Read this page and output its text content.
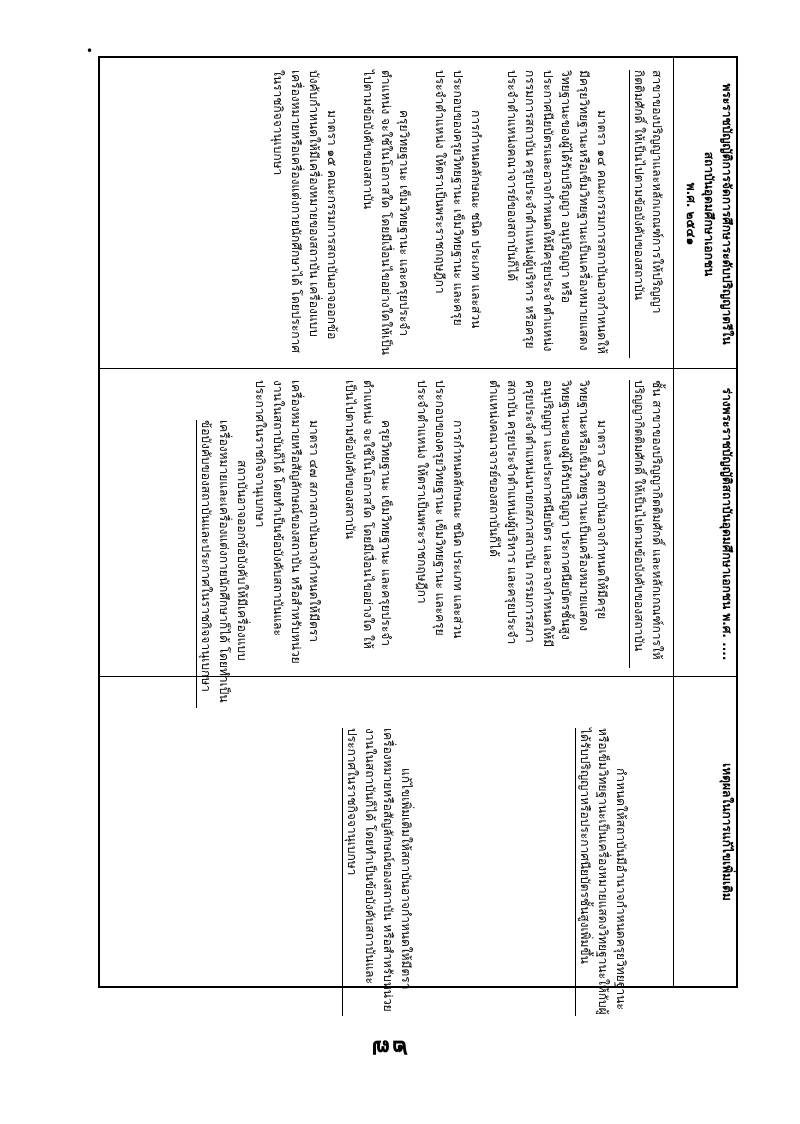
•

พระราชบัญญัติการจัดการศึกษาระดับปริญญาตรีในสถาบันอุดมศึกษาเอกชน

พ.ศ. ๒๕๔๑

สาขาของปริญญาและหลักเกณฑ์การให้ปริญญากิตติมศักดิ์ ให้เป็นไปตามข้อบังคับของสถาบัน

มาตรา ๑๔ คณะกรรมการสถาบันอาจกำหนดให้มีครุยวิทยฐานะหรือเข็มวิทยฐานะเป็นเครื่องหมายแสดงวิทยฐานะของผู้ได้รับปริญญา อนุปริญญา หรือประกาศนียบัตรและอาจกำหนดให้มีครุยประจำตำแหน่งกรรมการสถาบัน ครุยประจำตำแหน่งผู้บริหาร หรือครุยประจำตำแหน่งคณาจารย์ของสถาบันก็ได้

การกำหนดลักษณะ ชนิด ประเภท และส่วนประกอบของครุยวิทยฐานะ เข็มวิทยฐานะ และครุยประจำตำแหน่ง ให้ตราเป็นพระราชกฤษฎีกา

ครุยวิทยฐานะ เข็มวิทยฐานะ และครุยประจำตำแหน่ง จะใช้ในโอกาสใด โดยมีเงื่อนไขอย่างใดให้เป็นไปตามข้อบังคับของสถาบัน

มาตรา ๑๕ คณะกรรมการสถาบันอาจออกข้อบังคับกำหนดให้มีเครื่องหมายของสถาบัน เครื่องแบบ เครื่องหมายหรือเครื่องแต่งกายนักศึกษาได้ โดยประกาศในราชกิจจานุเบกษา

ร่างพระราชบัญญัติสถาบันอุดมศึกษาเอกชน พ.ศ. ....

ชั้น สาขาของปริญญากิตติมศักดิ์ และหลักเกณฑ์การให้ปริญญากิตติมศักดิ์ ให้เป็นไปตามข้อบังคับของสถาบัน

มาตรา ๔๖ สถาบันอาจกำหนดให้มีครุยวิทยฐานะหรือเข็มวิทยฐานะเป็นเครื่องหมายแสดงวิทยฐานะของผู้ได้รับปริญญา ประกาศนียบัตรชั้นสูง อนุปริญญา และประกาศนียบัตร และอาจกำหนดให้มีครุยประจำตำแหน่งนายกสภาสถาบัน กรรมการสภาสถาบัน ครุยประจำตำแหน่งผู้บริหาร และครุยประจำตำแหน่งคณาจารย์ของสถาบันก็ได้

การกำหนดลักษณะ ชนิด ประเภท และส่วนประกอบของครุยวิทยฐานะ เข็มวิทยฐานะ และครุยประจำตำแหน่ง ให้ตราเป็นพระราชกฤษฎีกา

ครุยวิทยฐานะ เข็มวิทยฐานะ และครุยประจำตำแหน่ง จะใช้ในโอกาสใด โดยมีเงื่อนไขอย่างใด ให้เป็นไปตามข้อบังคับของสถาบัน

มาตรา ๔๗ สภาสถาบันอาจกำหนดให้มีตรา เครื่องหมายหรือสัญลักษณ์ของสถาบัน หรือสำหรับหน่วยงานในสถาบันก็ได้ โดยทำเป็นข้อบังคับสถาบันและประกาศในราชกิจจานุเบกษา

สถาบันอาจออกข้อบังคับให้มีเครื่องแบบ เครื่องหมายและเครื่องแต่งกายนักศึกษาก็ได้ โดยทำเป็นข้อบังคับของสถาบันและประกาศในราชกิจจานุเบกษา

เหตุผลในการแก้ไขเพิ่มเติม

กำหนดให้สถาบันมีอำนาจกำหนดครุยวิทยฐานะหรือเข็มวิทยฐานะเป็นเครื่องหมายแสดงวิทยฐานะให้กับผู้ได้รับปริญญาหรือประกาศนียบัตรชั้นสูงเพิ่มขึ้น

แก้ไขเพิ่มเติมให้สถาบันอาจกำหนดให้มีตรา เครื่องหมายหรือสัญลักษณ์ของสถาบัน หรือสำหรับหน่วยงานในสถาบันก็ได้ โดยทำเป็นข้อบังคับสถาบันและประกาศในราชกิจจานุเบกษา

๒๗
